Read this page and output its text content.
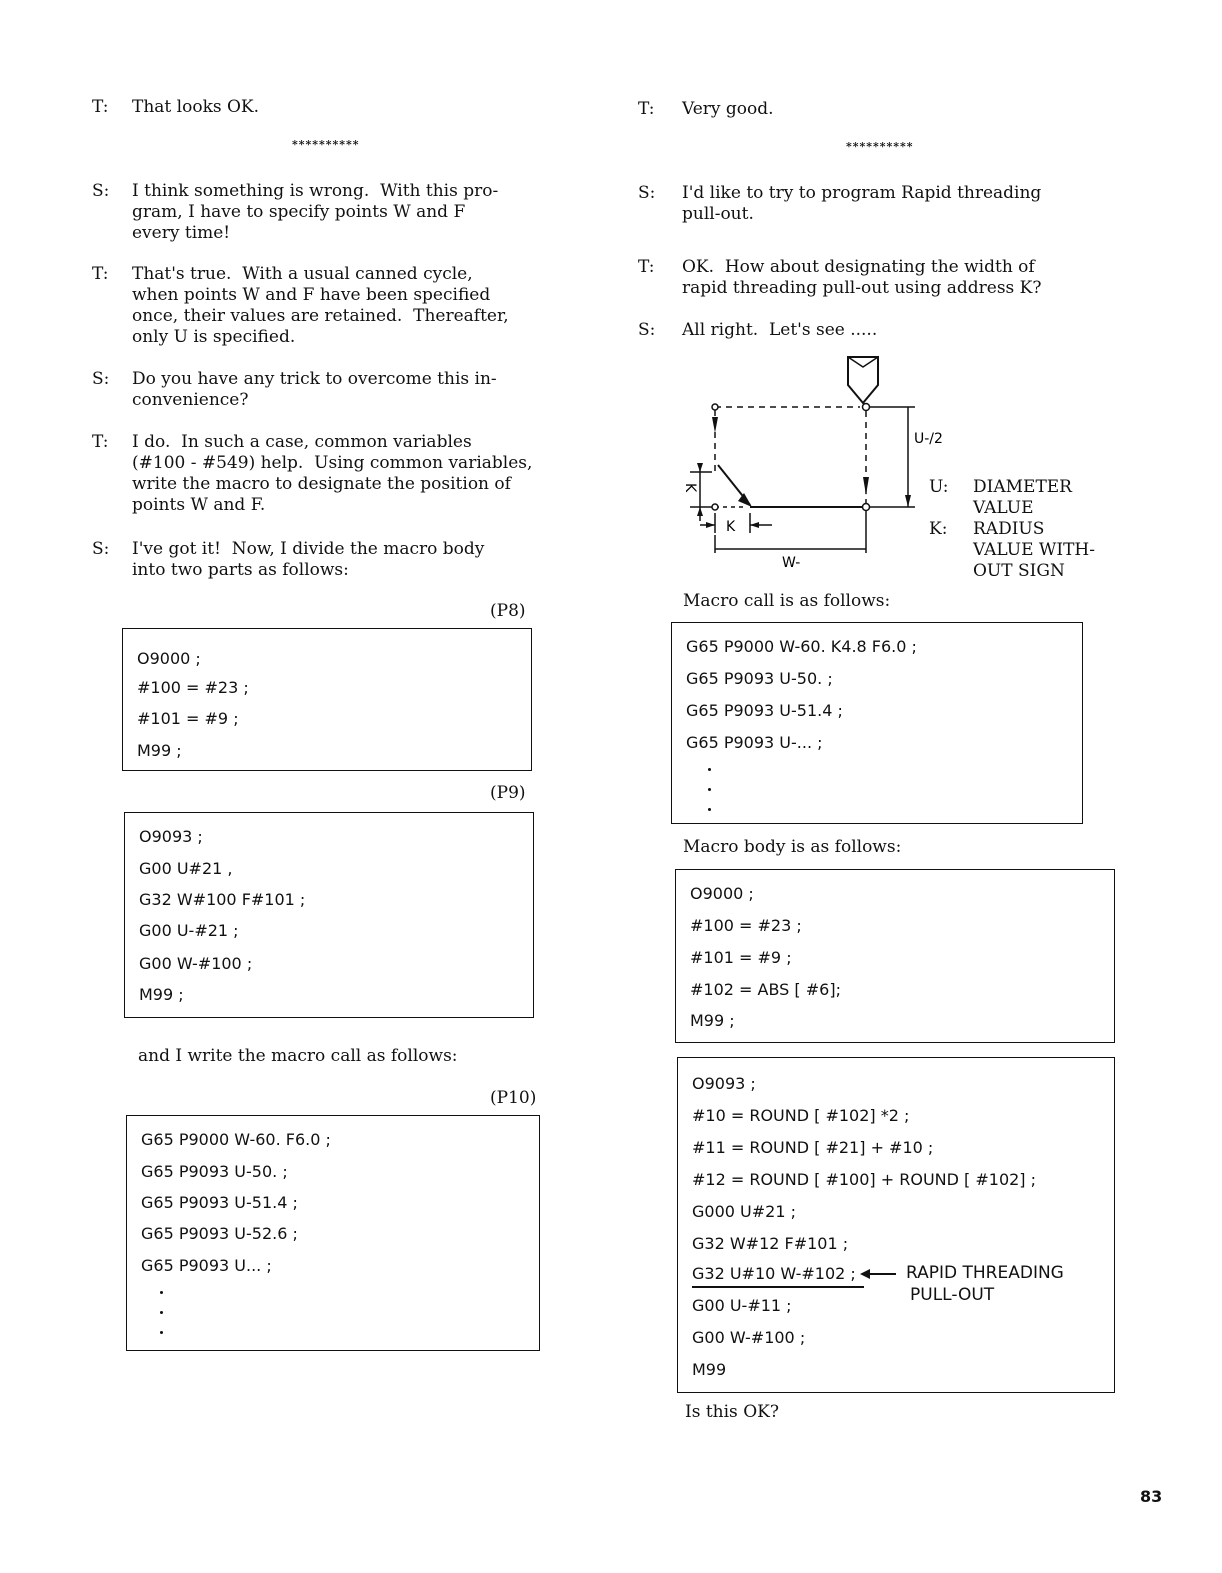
T:	That looks OK.
**********
S:	I think something is wrong.  With this pro-
gram, I have to specify points W and F
every time!
T:	That's true.  With a usual canned cycle,
when points W and F have been specified
once, their values are retained.  Thereafter,
only U is specified.
S:	Do you have any trick to overcome this in-
convenience?
T:	I do.  In such a case, common variables
(#100 - #549) help.  Using common variables,
write the macro to designate the position of
points W and F.
S:	I've got it!  Now, I divide the macro body
into two parts as follows:
(P8)
O9000 ;
#100 = #23 ;
#101 = #9 ;
M99 ;
(P9)
O9093 ;
G00 U#21 ,
G32 W#100 F#101 ;
G00 U-#21 ;
G00 W-#100 ;
M99 ;
and I write the macro call as follows:
(P10)
G65 P9000 W-60. F6.0 ;
G65 P9093 U-50. ;
G65 P9093 U-51.4 ;
G65 P9093 U-52.6 ;
G65 P9093 U... ;
T:	Very good.
**********
S:	I'd like to try to program Rapid threading
pull-out.
T:	OK.  How about designating the width of
rapid threading pull-out using address K?
S:	All right.  Let's see .....
U:	DIAMETER
VALUE
K:	RADIUS
VALUE WITH-
OUT SIGN
Macro call is as follows:
G65 P9000 W-60. K4.8 F6.0 ;
G65 P9093 U-50. ;
G65 P9093 U-51.4 ;
G65 P9093 U-... ;
Macro body is as follows:
O9000 ;
#100 = #23 ;
#101 = #9 ;
#102 = ABS [ #6];
M99 ;
O9093 ;
#10 = ROUND [ #102] *2 ;
#11 = ROUND [ #21] + #10 ;
#12 = ROUND [ #100] + ROUND [ #102] ;
G000 U#21 ;
G32 W#12 F#101 ;
G32 U#10 W-#102 ;
G00 U-#11 ;
G00 W-#100 ;
M99
RAPID THREADING
PULL-OUT
Is this OK?
U-/2
K
K
W-
83
